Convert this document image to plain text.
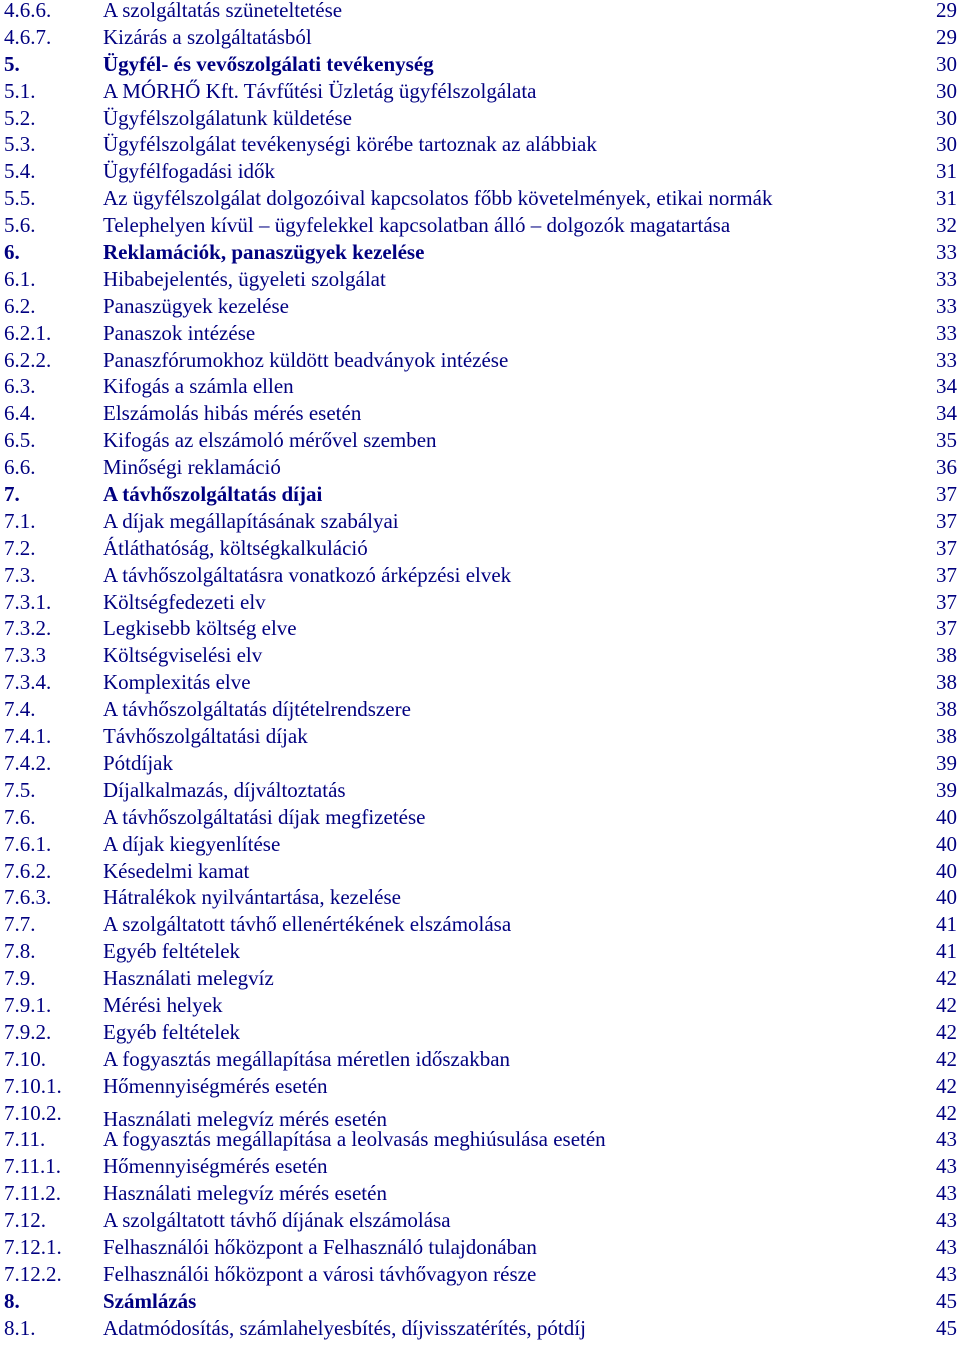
4.6.6. A szolgáltatás szüneteltetése	29
4.6.7. Kizárás a szolgáltatásból	29
5.	Ügyfél- és vevőszolgálati tevékenység	30
5.1.	A MÓRHŐ Kft. Távfűtési Üzletág ügyfélszolgálata	30
5.2.	Ügyfélszolgálatunk küldetése	30
5.3.	Ügyfélszolgálat tevékenységi körébe tartoznak az alábbiak	30
5.4.	Ügyfélfogadási idők	31
5.5.	Az ügyfélszolgálat dolgozóival kapcsolatos főbb követelmények, etikai normák	31
5.6.	Telephelyen kívül – ügyfelekkel kapcsolatban álló – dolgozók magatartása	32
6.	Reklamációk, panaszügyek kezelése	33
6.1.	Hibabejelentés, ügyeleti szolgálat	33
6.2.	Panaszügyek kezelése	33
6.2.1. Panaszok intézése	33
6.2.2. Panaszfórumokhoz küldött beadványok intézése	33
6.3.	Kifogás a számla ellen	34
6.4.	Elszámolás hibás mérés esetén	34
6.5.	Kifogás az elszámoló mérővel szemben	35
6.6.	Minőségi reklamáció	36
7.	A távhőszolgáltatás díjai	37
7.1.	A díjak megállapításának szabályai	37
7.2.	Átláthatóság, költségkalkuláció	37
7.3.	A távhőszolgáltatásra vonatkozó árképzési elvek	37
7.3.1. Költségfedezeti elv	37
7.3.2. Legkisebb költség elve	37
7.3.3	Költségviselési elv	38
7.3.4. Komplexitás elve	38
7.4.	A távhőszolgáltatás díjtételrendszere	38
7.4.1. Távhőszolgáltatási díjak	38
7.4.2. Pótdíjak	39
7.5.	Díjalkalmazás, díjváltoztatás	39
7.6.	A távhőszolgáltatási díjak megfizetése	40
7.6.1. A díjak kiegyenlítése	40
7.6.2. Késedelmi kamat	40
7.6.3. Hátralékok nyilvántartása, kezelése	40
7.7.	A szolgáltatott távhő ellenértékének elszámolása	41
7.8.	Egyéb feltételek	41
7.9.	Használati melegvíz	42
7.9.1. Mérési helyek	42
7.9.2. Egyéb feltételek	42
7.10.	A fogyasztás megállapítása méretlen időszakban	42
7.10.1. Hőmennyiségmérés esetén	42
7.10.2. Használati melegvíz mérés esetén	42
7.11.	A fogyasztás megállapítása a leolvasás meghiúsulása esetén	43
7.11.1. Hőmennyiségmérés esetén	43
7.11.2. Használati melegvíz mérés esetén	43
7.12.	A szolgáltatott távhő díjának elszámolása	43
7.12.1. Felhasználói hőközpont a Felhasználó tulajdonában	43
7.12.2. Felhasználói hőközpont a városi távhővagyon része	43
8.	Számlázás	45
8.1.	Adatmódosítás, számlahelyesbítés, díjvisszatérítés, pótdíj	45
